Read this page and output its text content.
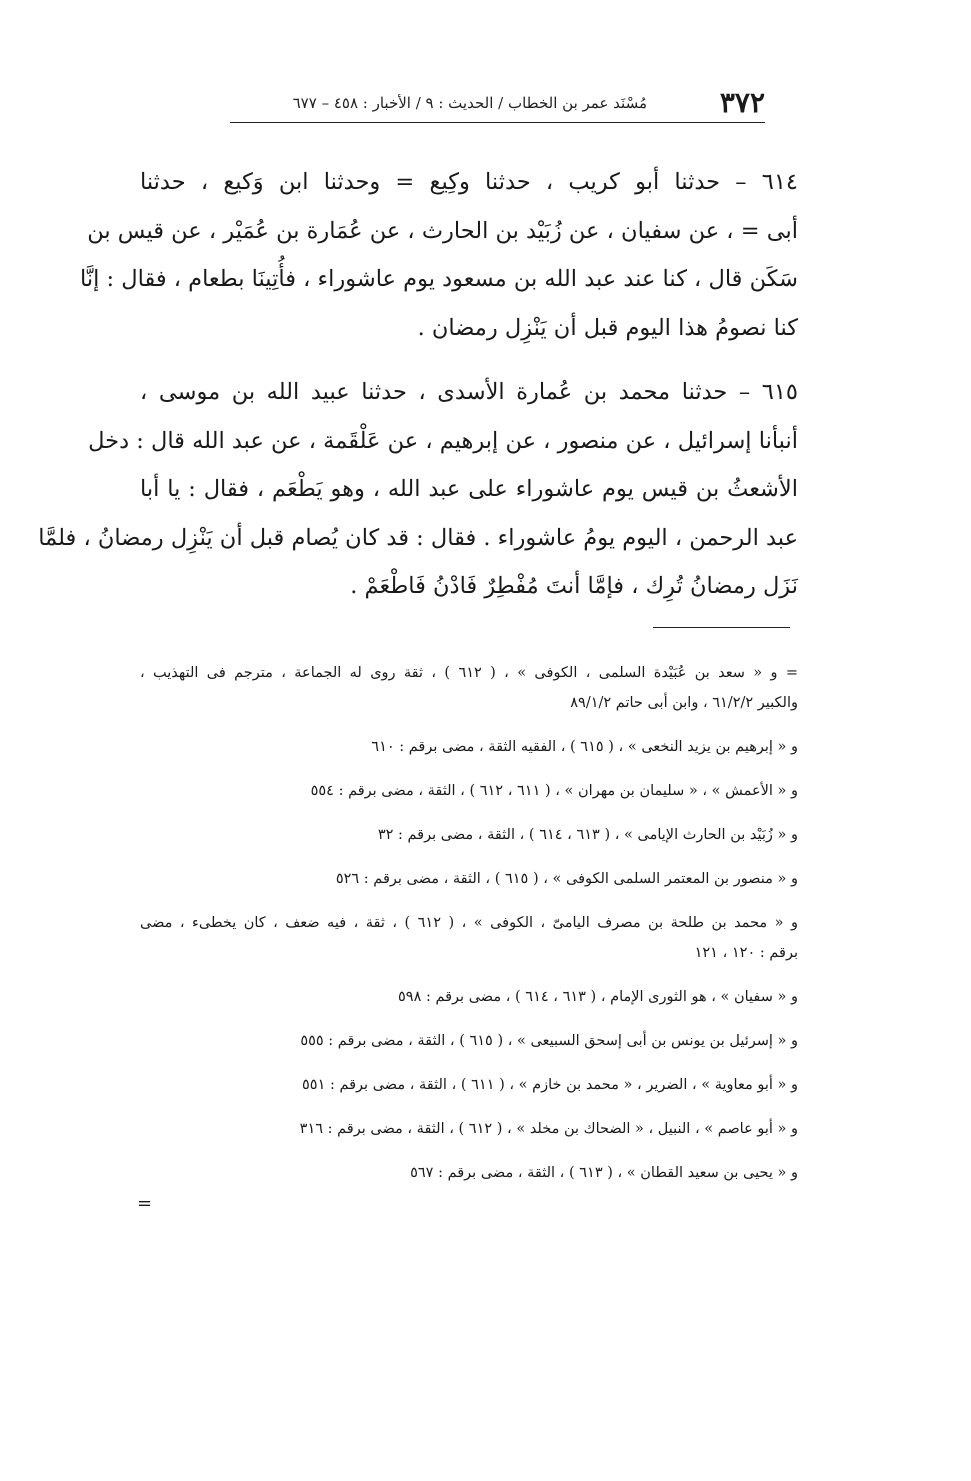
٣٧٢
مُسْنَد عمر بن الخطاب / الحديث : ٩ / الأخبار : ٤٥٨ – ٦٧٧
٦١٤ – حدثنا أبو كريب ، حدثنا وكِيع = وحدثنا ابن وَكيع ، حدثنا
أبى = ، عن سفيان ، عن زُبَيْد بن الحارث ، عن عُمَارة بن عُمَيْر ، عن قيس بن
سَكَن قال ، كنا عند عبد الله بن مسعود يوم عاشوراء ، فأُتِينَا بطعام ، فقال : إنَّا
كنا نصومُ هذا اليوم قبل أن يَنْزِل رمضان .
٦١٥ – حدثنا محمد بن عُمارة الأسدى ، حدثنا عبيد الله بن موسى ،
أنبأنا إسرائيل ، عن منصور ، عن إبرهيم ، عن عَلْقَمة ، عن عبد الله قال : دخل
الأشعثُ بن قيس يوم عاشوراء على عبد الله ، وهو يَطْعَم ، فقال : يا أبا
عبد الرحمن ، اليوم يومُ عاشوراء . فقال : قد كان يُصام قبل أن يَنْزِل رمضانُ ، فلمَّا
نَزَل رمضانُ تُرِك ، فإمَّا أنتَ مُفْطِرٌ فَادْنُ فَاطْعَمْ .
= و « سعد بن عُبَيْدة السلمى ، الكوفى » ، ( ٦١٢ ) ، ثقة روى له الجماعة ، مترجم فى التهذيب ،
والكبير ٦١/٢/٢ ، وابن أبى حاتم ٨٩/١/٢
و « إبرهيم بن يزيد النخعى » ، ( ٦١٥ ) ، الفقيه الثقة ، مضى برقم : ٦١٠
و « الأعمش » ، « سليمان بن مهران » ، ( ٦١١ ، ٦١٢ ) ، الثقة ، مضى برقم : ٥٥٤
و « زُبَيْد بن الحارث الإيامى » ، ( ٦١٣ ، ٦١٤ ) ، الثقة ، مضى برقم : ٣٢
و « منصور بن المعتمر السلمى الكوفى » ، ( ٦١٥ ) ، الثقة ، مضى برقم : ٥٢٦
و « محمد بن طلحة بن مصرف اليامىّ ، الكوفى » ، ( ٦١٢ ) ، ثقة ، فيه ضعف ، كان يخطىء ، مضى
برقم : ١٢٠ ، ١٢١
و « سفيان » ، هو الثورى الإمام ، ( ٦١٣ ، ٦١٤ ) ، مضى برقم : ٥٩٨
و « إسرئيل بن يونس بن أبى إسحق السبيعى » ، ( ٦١٥ ) ، الثقة ، مضى برقم : ٥٥٥
و « أبو معاوية » ، الضرير ، « محمد بن خازم » ، ( ٦١١ ) ، الثقة ، مضى برقم : ٥٥١
و « أبو عاصم » ، النبيل ، « الضحاك بن مخلد » ، ( ٦١٢ ) ، الثقة ، مضى برقم : ٣١٦
و « يحيى بن سعيد القطان » ، ( ٦١٣ ) ، الثقة ، مضى برقم : ٥٦٧
=
